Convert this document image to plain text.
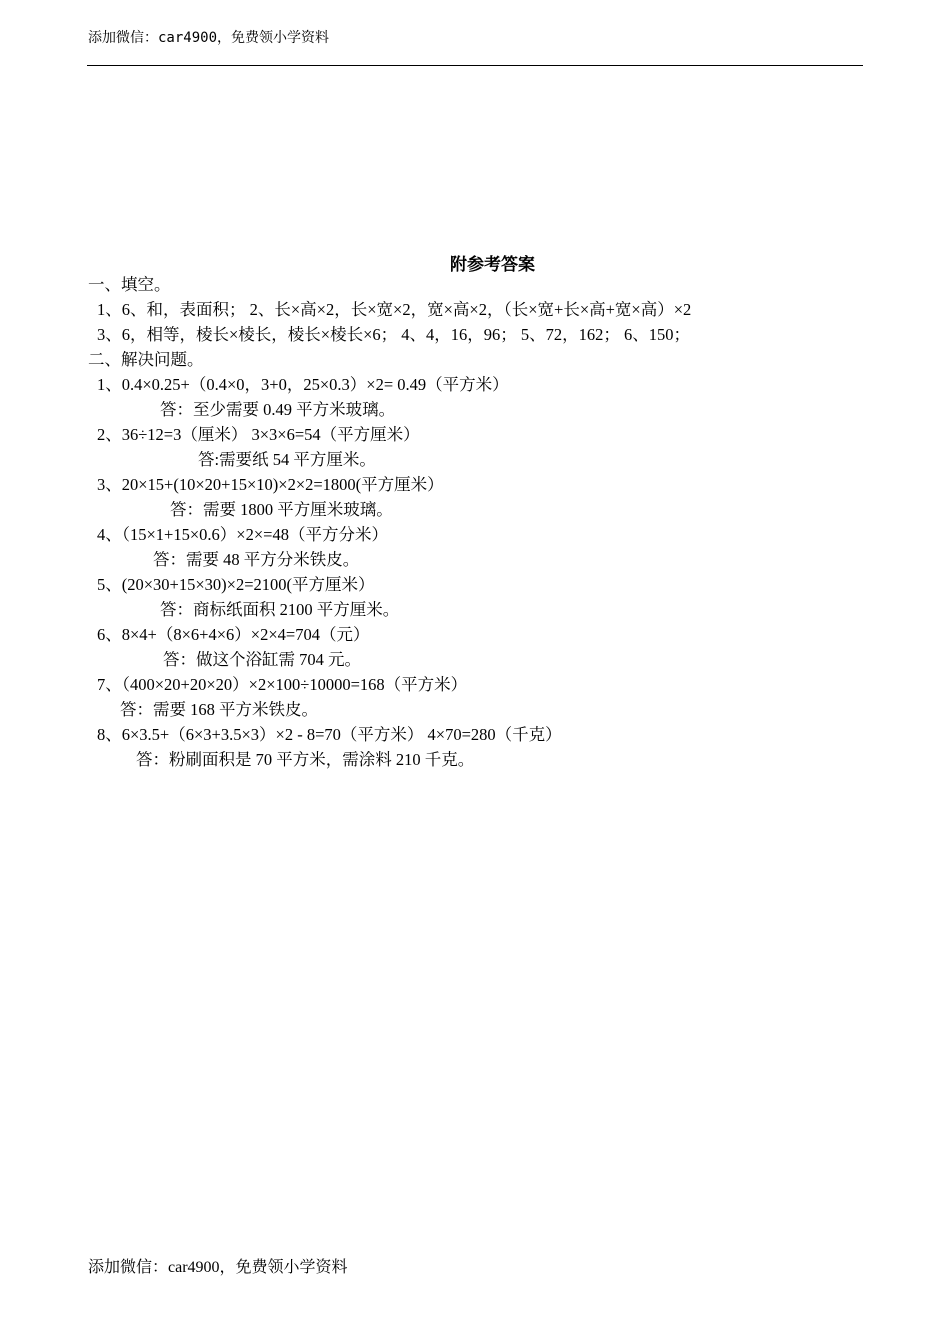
添加微信：car4900，免费领小学资料
附参考答案
一、填空。
1、6、和，表面积； 2、长×高×2，长×宽×2，宽×高×2，（长×宽+长×高+宽×高）×2
3、6，相等，棱长×棱长，棱长×棱长×6； 4、4，16，96； 5、72，162； 6、150；
二、解决问题。
1、0.4×0.25+（0.4×0，3+0，25×0.3）×2= 0.49（平方米）
答：至少需要 0.49 平方米玻璃。
2、36÷12=3（厘米） 3×3×6=54（平方厘米）
答:需要纸 54 平方厘米。
3、20×15+(10×20+15×10)×2×2=1800(平方厘米）
答：需要 1800 平方厘米玻璃。
4、（15×1+15×0.6）×2×=48（平方分米）
答：需要 48 平方分米铁皮。
5、(20×30+15×30)×2=2100(平方厘米）
答：商标纸面积 2100 平方厘米。
6、8×4+（8×6+4×6）×2×4=704（元）
答：做这个浴缸需 704 元。
7、（400×20+20×20）×2×100÷10000=168（平方米）
答：需要 168 平方米铁皮。
8、6×3.5+（6×3+3.5×3）×2 - 8=70（平方米） 4×70=280（千克）
答：粉刷面积是 70 平方米，需涂料 210 千克。
添加微信：car4900，免费领小学资料
